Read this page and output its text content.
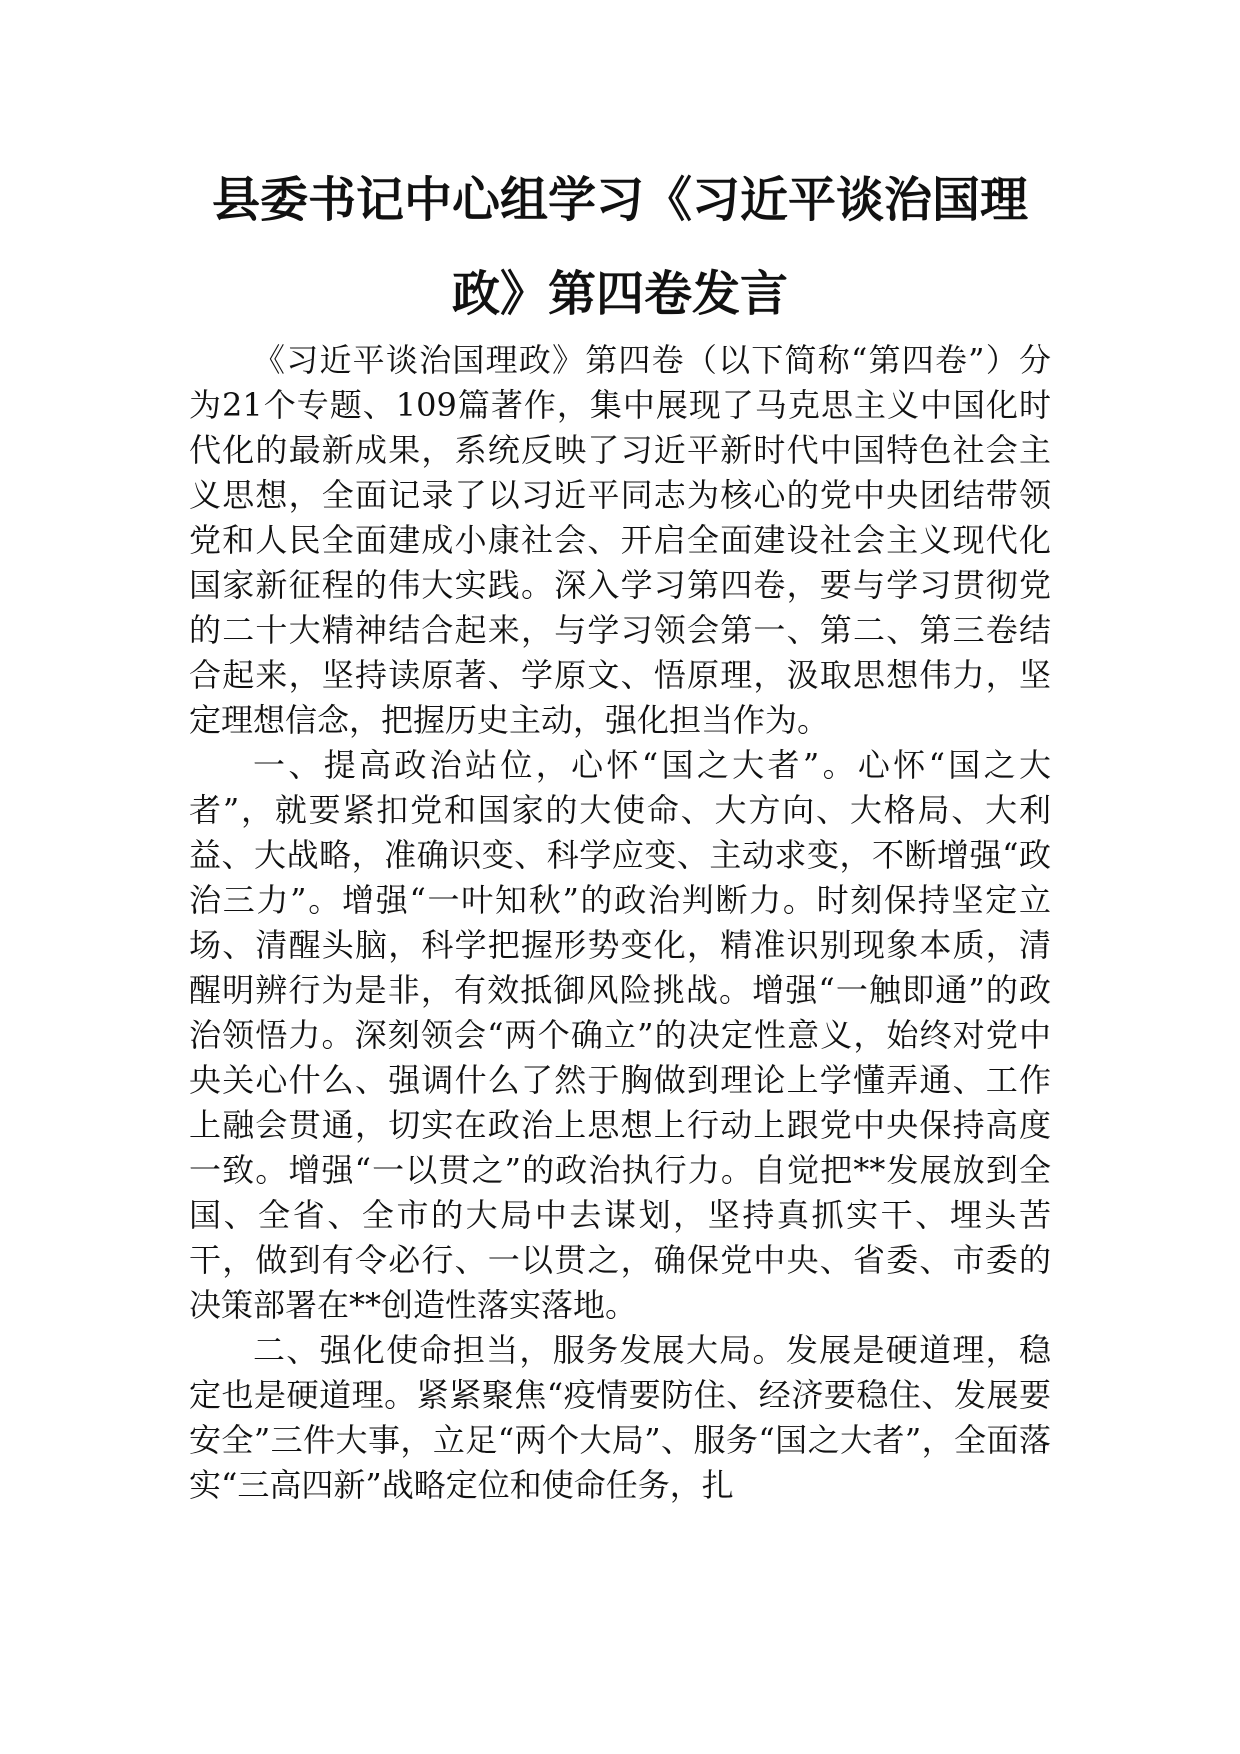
县委书记中心组学习《习近平谈治国理
政》第四卷发言

《习近平谈治国理政》第四卷（以下简称“第四卷”）分为21个专题、109篇著作，集中展现了马克思主义中国化时代化的最新成果，系统反映了习近平新时代中国特色社会主义思想，全面记录了以习近平同志为核心的党中央团结带领党和人民全面建成小康社会、开启全面建设社会主义现代化国家新征程的伟大实践。深入学习第四卷，要与学习贯彻党的二十大精神结合起来，与学习领会第一、第二、第三卷结合起来，坚持读原著、学原文、悟原理，汲取思想伟力，坚定理想信念，把握历史主动，强化担当作为。

一、提高政治站位，心怀“国之大者”。心怀“国之大者”，就要紧扣党和国家的大使命、大方向、大格局、大利益、大战略，准确识变、科学应变、主动求变，不断增强“政治三力”。增强“一叶知秋”的政治判断力。时刻保持坚定立场、清醒头脑，科学把握形势变化，精准识别现象本质，清醒明辨行为是非，有效抵御风险挑战。增强“一触即通”的政治领悟力。深刻领会“两个确立”的决定性意义，始终对党中央关心什么、强调什么了然于胸做到理论上学懂弄通、工作上融会贯通，切实在政治上思想上行动上跟党中央保持高度一致。增强“一以贯之”的政治执行力。自觉把**发展放到全国、全省、全市的大局中去谋划，坚持真抓实干、埋头苦干，做到有令必行、一以贯之，确保党中央、省委、市委的决策部署在**创造性落实落地。

二、强化使命担当，服务发展大局。发展是硬道理，稳定也是硬道理。紧紧聚焦“疫情要防住、经济要稳住、发展要安全”三件大事，立足“两个大局”、服务“国之大者”，全面落实“三高四新”战略定位和使命任务，扎
